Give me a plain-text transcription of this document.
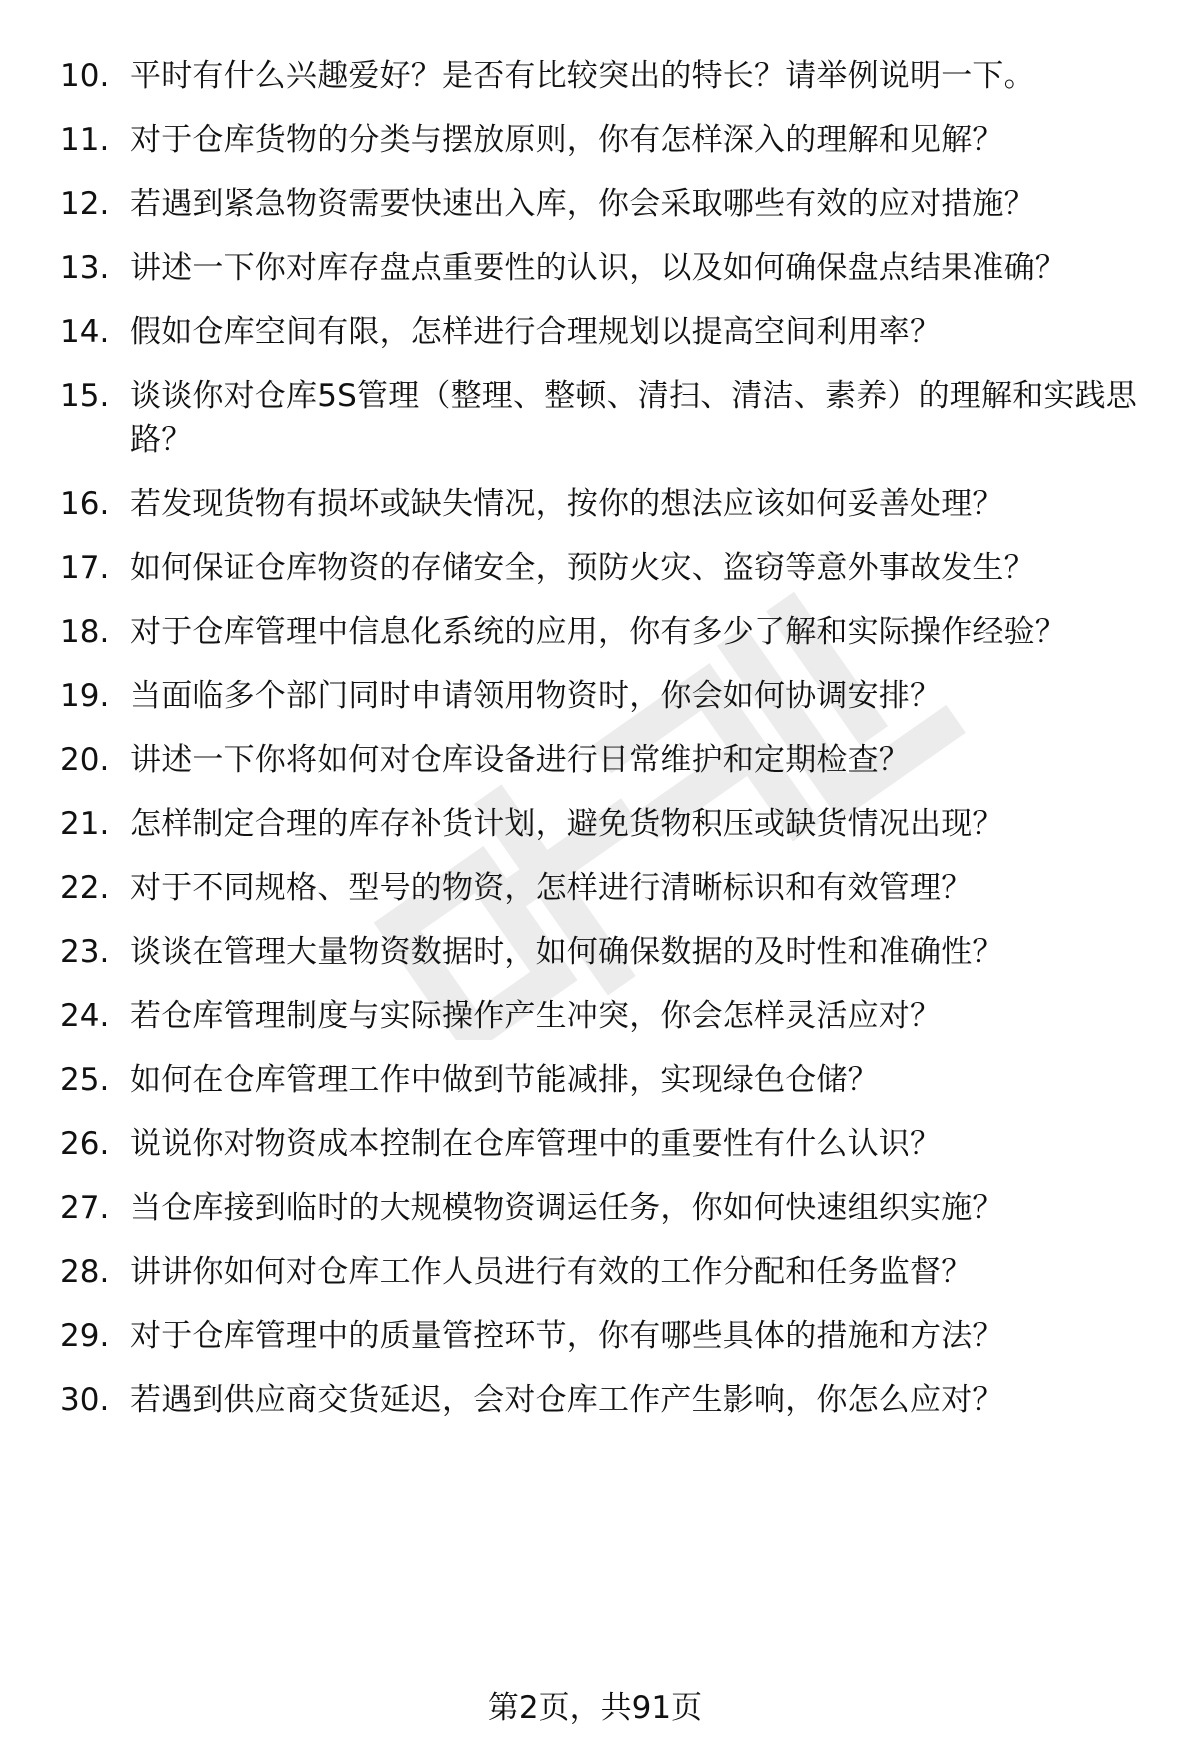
10. 平时有什么兴趣爱好？是否有比较突出的特长？请举例说明一下。
11. 对于仓库货物的分类与摆放原则，你有怎样深入的理解和见解？
12. 若遇到紧急物资需要快速出入库，你会采取哪些有效的应对措施？
13. 讲述一下你对库存盘点重要性的认识，以及如何确保盘点结果准确？
14. 假如仓库空间有限，怎样进行合理规划以提高空间利用率？
15. 谈谈你对仓库5S管理（整理、整顿、清扫、清洁、素养）的理解和实践思路？
16. 若发现货物有损坏或缺失情况，按你的想法应该如何妥善处理？
17. 如何保证仓库物资的存储安全，预防火灾、盗窃等意外事故发生？
18. 对于仓库管理中信息化系统的应用，你有多少了解和实际操作经验？
19. 当面临多个部门同时申请领用物资时，你会如何协调安排？
20. 讲述一下你将如何对仓库设备进行日常维护和定期检查？
21. 怎样制定合理的库存补货计划，避免货物积压或缺货情况出现？
22. 对于不同规格、型号的物资，怎样进行清晰标识和有效管理？
23. 谈谈在管理大量物资数据时，如何确保数据的及时性和准确性？
24. 若仓库管理制度与实际操作产生冲突，你会怎样灵活应对？
25. 如何在仓库管理工作中做到节能减排，实现绿色仓储？
26. 说说你对物资成本控制在仓库管理中的重要性有什么认识？
27. 当仓库接到临时的大规模物资调运任务，你如何快速组织实施？
28. 讲讲你如何对仓库工作人员进行有效的工作分配和任务监督？
29. 对于仓库管理中的质量管控环节，你有哪些具体的措施和方法？
30. 若遇到供应商交货延迟，会对仓库工作产生影响，你怎么应对？
第2页，共91页
